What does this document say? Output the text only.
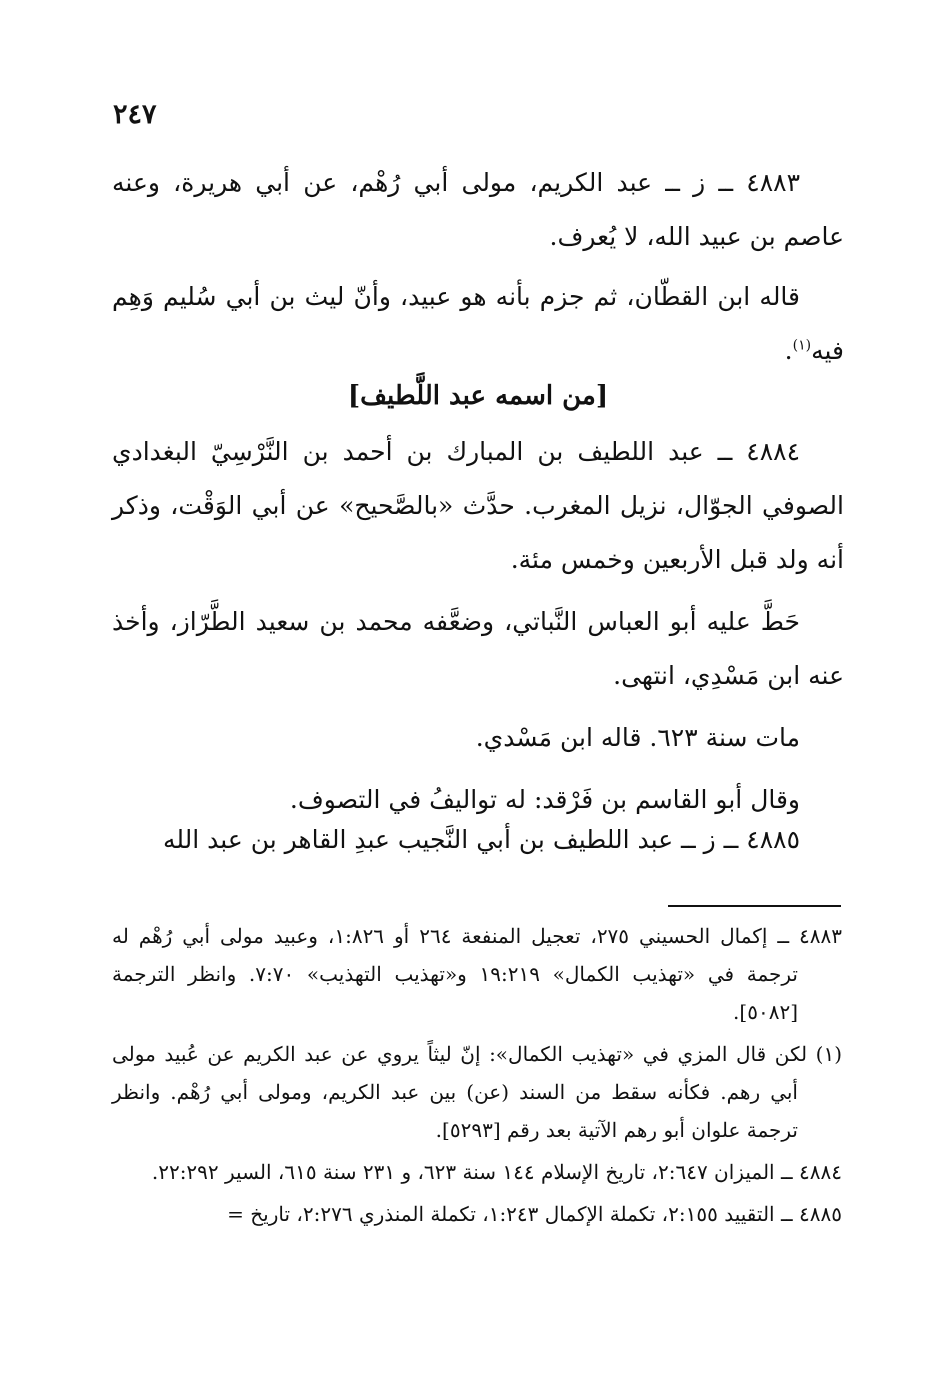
٢٤٧

٤٨٨٣ ــ ز ــ عبد الكريم، مولى أبي رُهْم، عن أبي هريرة، وعنه عاصم بن عبيد الله، لا يُعرف.

قاله ابن القطّان، ثم جزم بأنه هو عبيد، وأنّ ليث بن أبي سُليم وَهِم فيه$^{(١)}$.

[من اسمه عبد اللَّطيف]

٤٨٨٤ ــ عبد اللطيف بن المبارك بن أحمد بن النَّرْسِيّ البغدادي الصوفي الجوّال، نزيل المغرب. حدَّث «بالصَّحيح» عن أبي الوَقْت، وذكر أنه ولد قبل الأربعين وخمس مئة.

حَطَّ عليه أبو العباس النَّباتي، وضعَّفه محمد بن سعيد الطَّرّاز، وأخذ عنه ابن مَسْدِي، انتهى.

مات سنة ٦٢٣. قاله ابن مَسْدي.

وقال أبو القاسم بن فَرْقد: له تواليفُ في التصوف.

٤٨٨٥ ــ ز ــ عبد اللطيف بن أبي النَّجيب عبدِ القاهر بن عبد الله

٤٨٨٣ ــ إكمال الحسيني ٢٧٥، تعجيل المنفعة ٢٦٤ أو ١:٨٢٦، وعبيد مولى أبي رُهْم له ترجمة في «تهذيب الكمال» ١٩:٢١٩ و«تهذيب التهذيب» ٧:٧٠. وانظر الترجمة [٥٠٨٢].

(١) لكن قال المزي في «تهذيب الكمال»: إنّ ليثاً يروي عن عبد الكريم عن عُبيد مولى أبي رهم. فكأنه سقط من السند (عن) بين عبد الكريم، ومولى أبي رُهْم. وانظر ترجمة علوان أبو رهم الآتية بعد رقم [٥٢٩٣].

٤٨٨٤ ــ الميزان ٢:٦٤٧، تاريخ الإسلام ١٤٤ سنة ٦٢٣، و ٢٣١ سنة ٦١٥، السير ٢٢:٢٩٢.

٤٨٨٥ ــ التقييد ٢:١٥٥، تكملة الإكمال ١:٢٤٣، تكملة المنذري ٢:٢٧٦، تاريخ =
